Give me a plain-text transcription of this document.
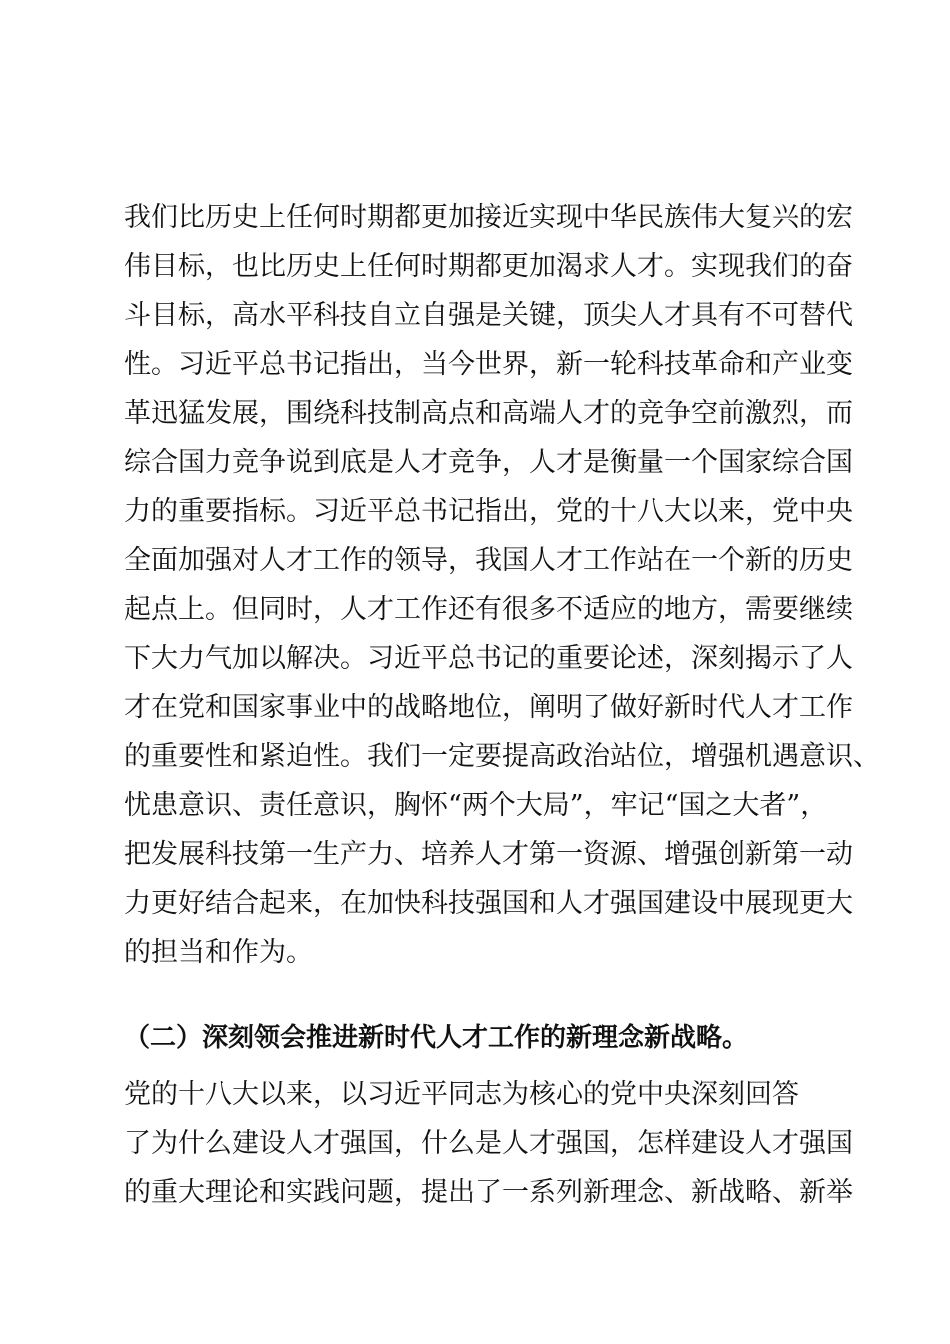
我们比历史上任何时期都更加接近实现中华民族伟大复兴的宏
伟目标，也比历史上任何时期都更加渴求人才。实现我们的奋
斗目标，高水平科技自立自强是关键，顶尖人才具有不可替代
性。习近平总书记指出，当今世界，新一轮科技革命和产业变
革迅猛发展，围绕科技制高点和高端人才的竞争空前激烈，而
综合国力竞争说到底是人才竞争，人才是衡量一个国家综合国
力的重要指标。习近平总书记指出，党的十八大以来，党中央
全面加强对人才工作的领导，我国人才工作站在一个新的历史
起点上。但同时，人才工作还有很多不适应的地方，需要继续
下大力气加以解决。习近平总书记的重要论述，深刻揭示了人
才在党和国家事业中的战略地位，阐明了做好新时代人才工作
的重要性和紧迫性。我们一定要提高政治站位，增强机遇意识、
忧患意识、责任意识，胸怀“两个大局”，牢记“国之大者”，
把发展科技第一生产力、培养人才第一资源、增强创新第一动
力更好结合起来，在加快科技强国和人才强国建设中展现更大
的担当和作为。
（二）深刻领会推进新时代人才工作的新理念新战略。
党的十八大以来，以习近平同志为核心的党中央深刻回答
了为什么建设人才强国，什么是人才强国，怎样建设人才强国
的重大理论和实践问题，提出了一系列新理念、新战略、新举
